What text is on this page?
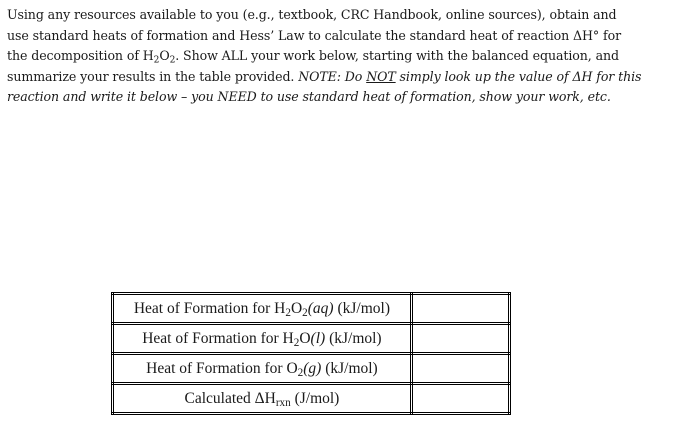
Using any resources available to you (e.g., textbook, CRC Handbook, online sources), obtain and
use standard heats of formation and Hess’ Law to calculate the standard heat of reaction ΔH° for
the decomposition of $H_2O_2$. Show ALL your work below, starting with the balanced equation, and
summarize your results in the table provided. NOTE: Do NOT simply look up the value of ΔH for this
reaction and write it below – you NEED to use standard heat of formation, show your work, etc.
Heat of Formation for $H_2O_2(aq)$ (kJ/mol)	
Heat of Formation for $H_2O(l)$ (kJ/mol)	
Heat of Formation for $O_2(g)$ (kJ/mol)	
Calculated $\Delta H_{rxn}$ (J/mol)	
